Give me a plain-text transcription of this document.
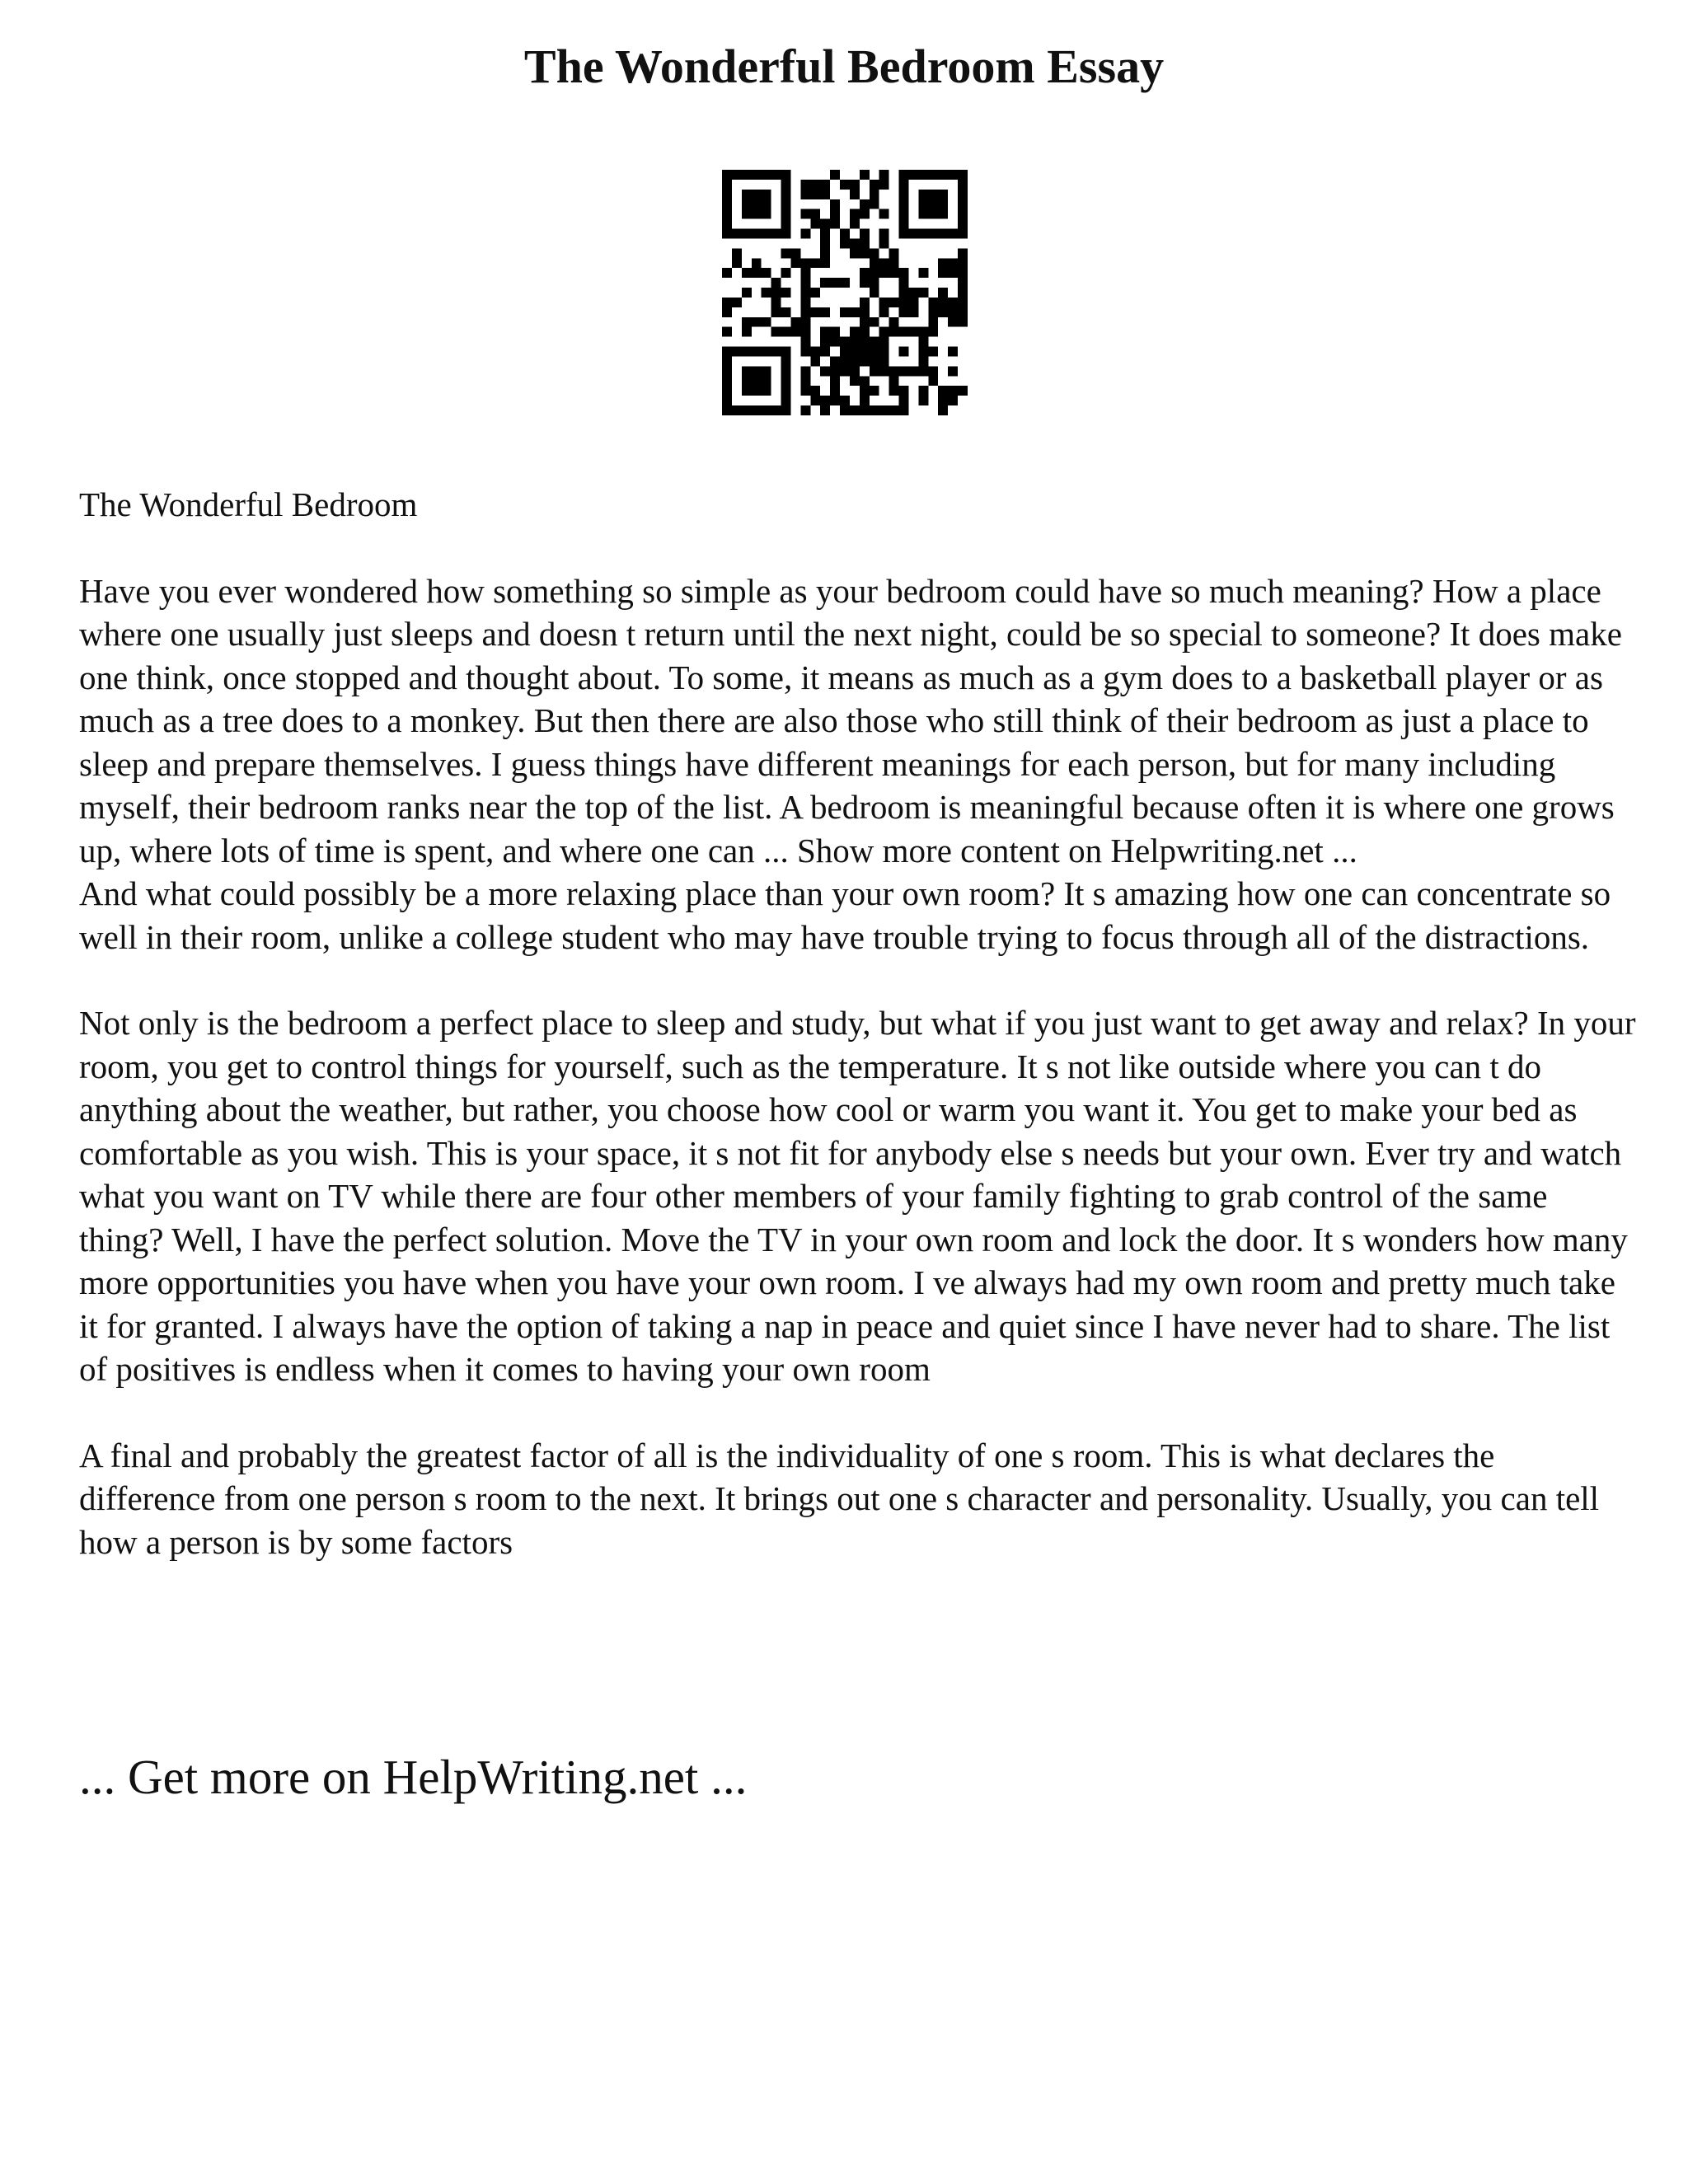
The Wonderful Bedroom Essay

The Wonderful Bedroom

Have you ever wondered how something so simple as your bedroom could have so much meaning? How a place where one usually just sleeps and doesn t return until the next night, could be so special to someone? It does make one think, once stopped and thought about. To some, it means as much as a gym does to a basketball player or as much as a tree does to a monkey. But then there are also those who still think of their bedroom as just a place to sleep and prepare themselves. I guess things have different meanings for each person, but for many including myself, their bedroom ranks near the top of the list. A bedroom is meaningful because often it is where one grows up, where lots of time is spent, and where one can ... Show more content on Helpwriting.net ...

And what could possibly be a more relaxing place than your own room? It s amazing how one can concentrate so well in their room, unlike a college student who may have trouble trying to focus through all of the distractions.

Not only is the bedroom a perfect place to sleep and study, but what if you just want to get away and relax? In your room, you get to control things for yourself, such as the temperature. It s not like outside where you can t do anything about the weather, but rather, you choose how cool or warm you want it. You get to make your bed as comfortable as you wish. This is your space, it s not fit for anybody else s needs but your own. Ever try and watch what you want on TV while there are four other members of your family fighting to grab control of the same thing? Well, I have the perfect solution. Move the TV in your own room and lock the door. It s wonders how many more opportunities you have when you have your own room. I ve always had my own room and pretty much take it for granted. I always have the option of taking a nap in peace and quiet since I have never had to share. The list of positives is endless when it comes to having your own room

A final and probably the greatest factor of all is the individuality of one s room. This is what declares the difference from one person s room to the next. It brings out one s character and personality. Usually, you can tell how a person is by some factors

... Get more on HelpWriting.net ...
